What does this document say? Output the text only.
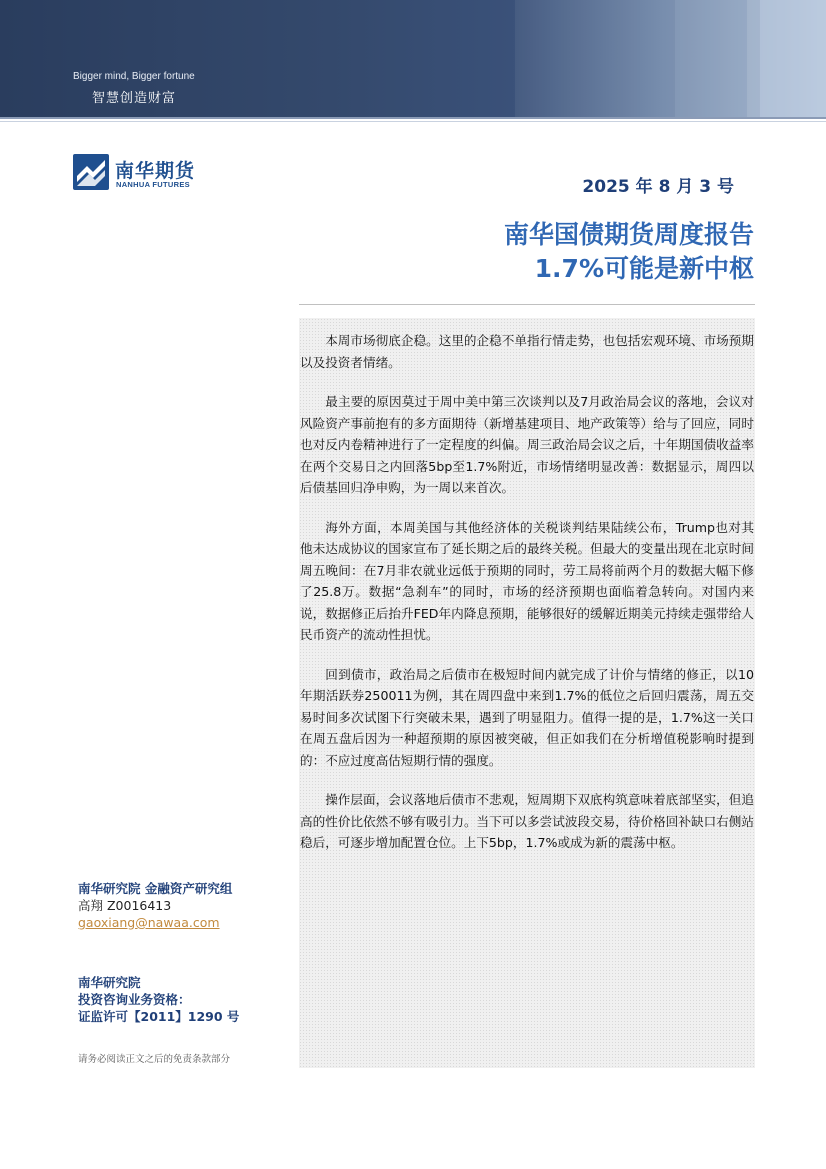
Bigger mind, Bigger fortune
智慧创造财富
南华期货
NANHUA FUTURES	2025 年 8 月 3 号
南华国债期货周度报告
1.7%可能是新中枢

本周市场彻底企稳。这里的企稳不单指行情走势，也包括宏观环境、市场预期以及投资者情绪。

最主要的原因莫过于周中美中第三次谈判以及7月政治局会议的落地，会议对风险资产事前抱有的多方面期待（新增基建项目、地产政策等）给与了回应，同时也对反内卷精神进行了一定程度的纠偏。周三政治局会议之后，十年期国债收益率在两个交易日之内回落5bp至1.7%附近，市场情绪明显改善：数据显示，周四以后债基回归净申购，为一周以来首次。

海外方面，本周美国与其他经济体的关税谈判结果陆续公布，Trump也对其他未达成协议的国家宣布了延长期之后的最终关税。但最大的变量出现在北京时间周五晚间：在7月非农就业远低于预期的同时，劳工局将前两个月的数据大幅下修了25.8万。数据“急刹车”的同时，市场的经济预期也面临着急转向。对国内来说，数据修正后抬升FED年内降息预期，能够很好的缓解近期美元持续走强带给人民币资产的流动性担忧。

回到债市，政治局之后债市在极短时间内就完成了计价与情绪的修正，以10年期活跃券250011为例，其在周四盘中来到1.7%的低位之后回归震荡，周五交易时间多次试图下行突破未果，遇到了明显阻力。值得一提的是，1.7%这一关口在周五盘后因为一种超预期的原因被突破，但正如我们在分析增值税影响时提到的：不应过度高估短期行情的强度。

操作层面，会议落地后债市不悲观，短周期下双底构筑意味着底部坚实，但追高的性价比依然不够有吸引力。当下可以多尝试波段交易，待价格回补缺口右侧站稳后，可逐步增加配置仓位。上下5bp，1.7%或成为新的震荡中枢。

南华研究院 金融资产研究组
高翔 Z0016413
gaoxiang@nawaa.com
南华研究院
投资咨询业务资格：
证监许可【2011】1290 号
请务必阅读正文之后的免责条款部分
